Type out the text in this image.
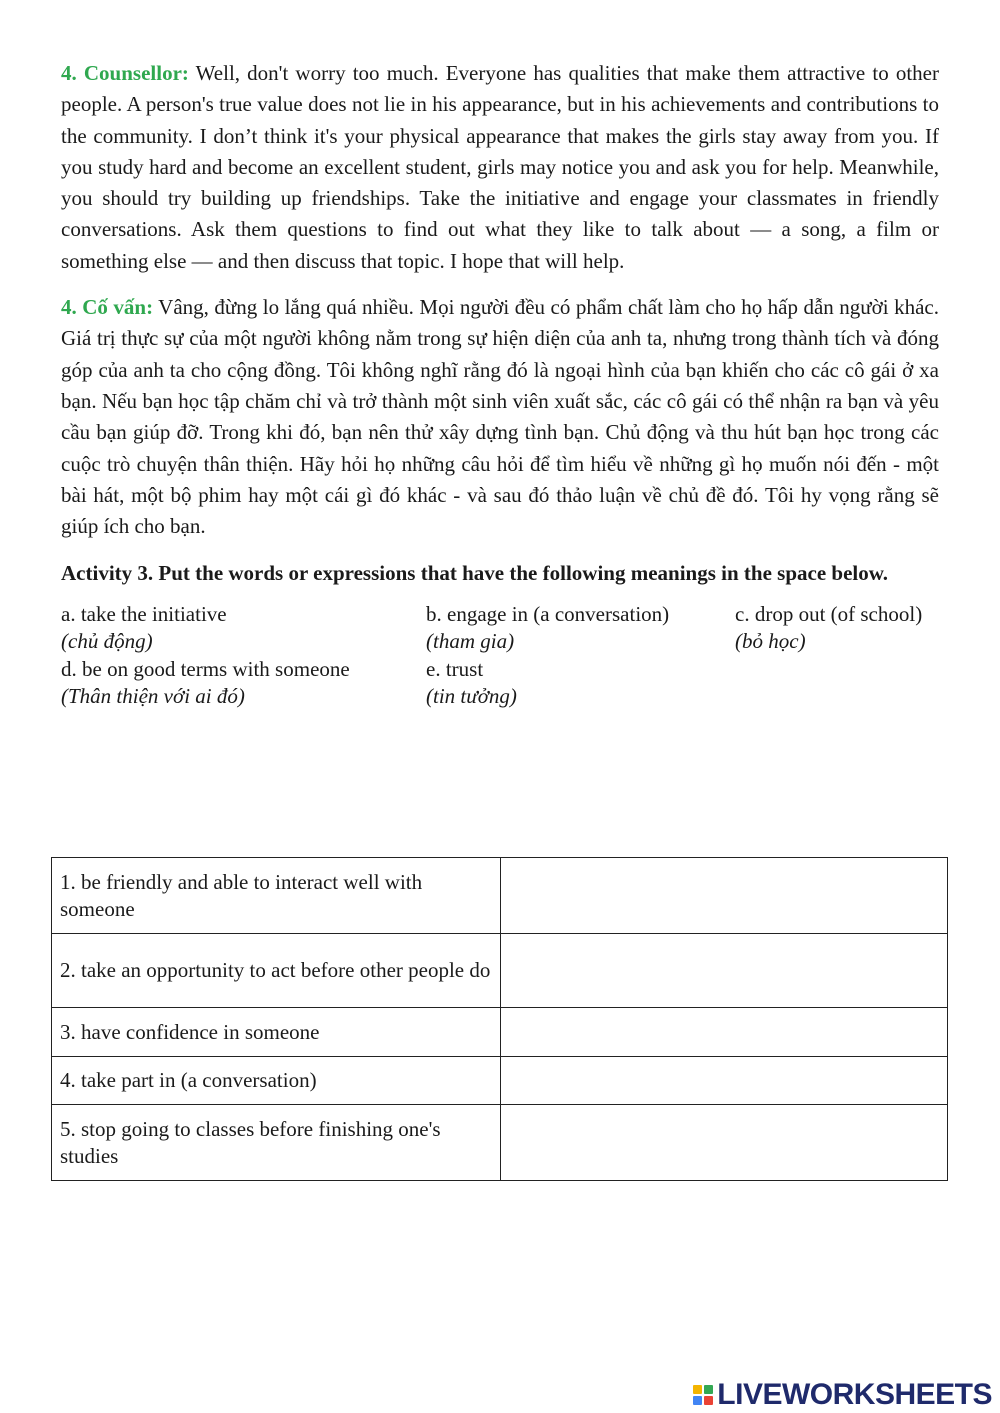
4. Counsellor: Well, don't worry too much. Everyone has qualities that make them attractive to other people. A person's true value does not lie in his appearance, but in his achievements and contributions to the community. I don’t think it's your physical appearance that makes the girls stay away from you. If you study hard and become an excellent student, girls may notice you and ask you for help. Meanwhile, you should try building up friendships. Take the initiative and engage your classmates in friendly conversations. Ask them questions to find out what they like to talk about — a song, a film or something else — and then discuss that topic. I hope that will help.

4. Cố vấn: Vâng, đừng lo lắng quá nhiều. Mọi người đều có phẩm chất làm cho họ hấp dẫn người khác. Giá trị thực sự của một người không nằm trong sự hiện diện của anh ta, nhưng trong thành tích và đóng góp của anh ta cho cộng đồng. Tôi không nghĩ rằng đó là ngoại hình của bạn khiến cho các cô gái ở xa bạn. Nếu bạn học tập chăm chỉ và trở thành một sinh viên xuất sắc, các cô gái có thể nhận ra bạn và yêu cầu bạn giúp đỡ. Trong khi đó, bạn nên thử xây dựng tình bạn. Chủ động và thu hút bạn học trong các cuộc trò chuyện thân thiện. Hãy hỏi họ những câu hỏi để tìm hiểu về những gì họ muốn nói đến - một bài hát, một bộ phim hay một cái gì đó khác - và sau đó thảo luận về chủ đề đó. Tôi hy vọng rằng sẽ giúp ích cho bạn.

Activity 3. Put the words or expressions that have the following meanings in the space below.

a. take the initiative
(chủ động)
b. engage in (a conversation)
(tham gia)
c. drop out (of school)
(bỏ học)
d. be on good terms with someone
(Thân thiện với ai đó)
e. trust
(tin tưởng)
1. be friendly and able to interact well with someone	
2. take an opportunity to act before other people do	
3. have confidence in someone	
4. take part in (a conversation)	
5. stop going to classes before finishing one's studies	
LIVE WORKSHEETS
